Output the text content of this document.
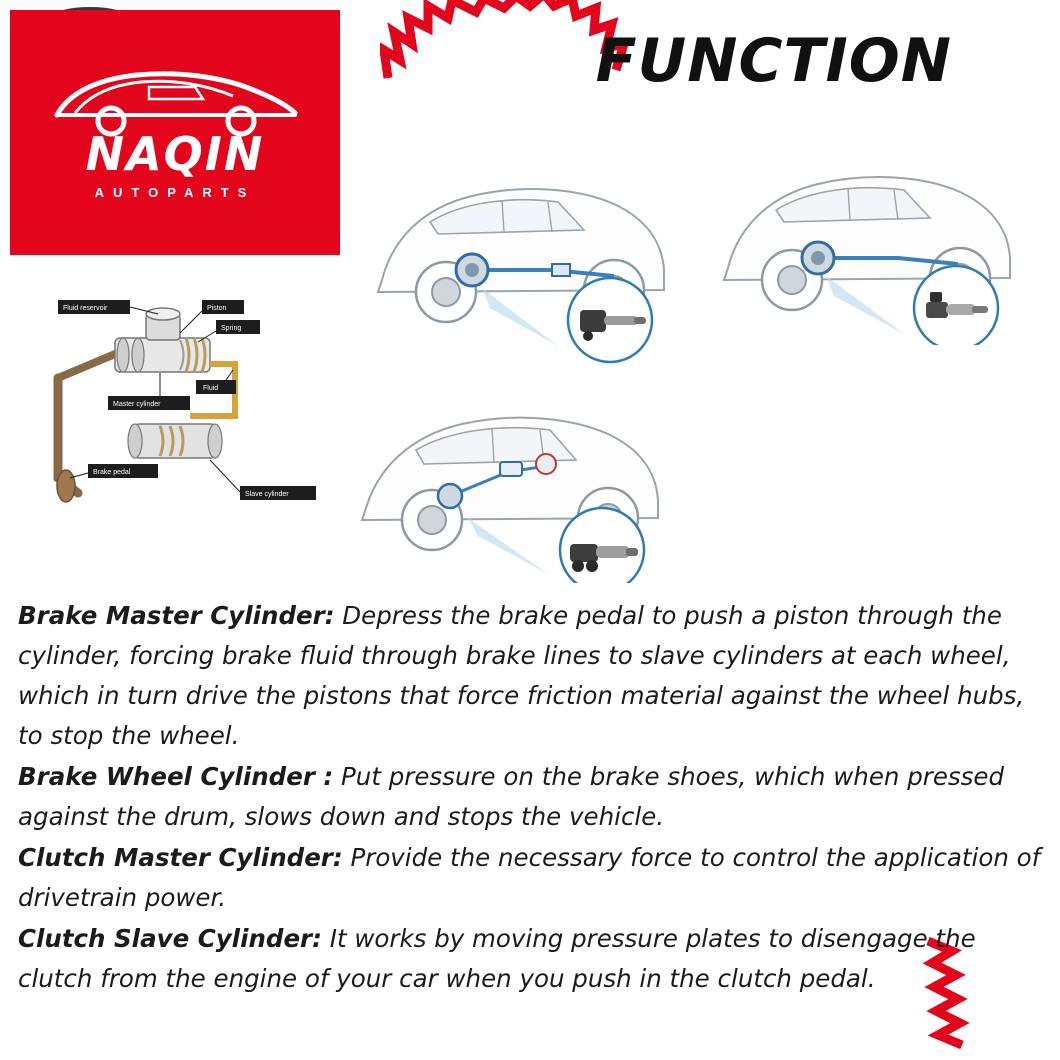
NAQIN
AUTOPARTS
FUNCTION
Fluid reservoir	Piston
Spring
Fluid
Master cylinder
Brake pedal
Slave cylinder

Brake Master Cylinder: Depress the brake pedal to push a piston through the cylinder, forcing brake fluid through brake lines to slave cylinders at each wheel, which in turn drive the pistons that force friction material against the wheel hubs, to stop the wheel.

Brake Wheel Cylinder : Put pressure on the brake shoes, which when pressed against the drum, slows down and stops the vehicle.

Clutch Master Cylinder: Provide the necessary force to control the application of drivetrain power.

Clutch Slave Cylinder: It works by moving pressure plates to disengage the clutch from the engine of your car when you push in the clutch pedal.
